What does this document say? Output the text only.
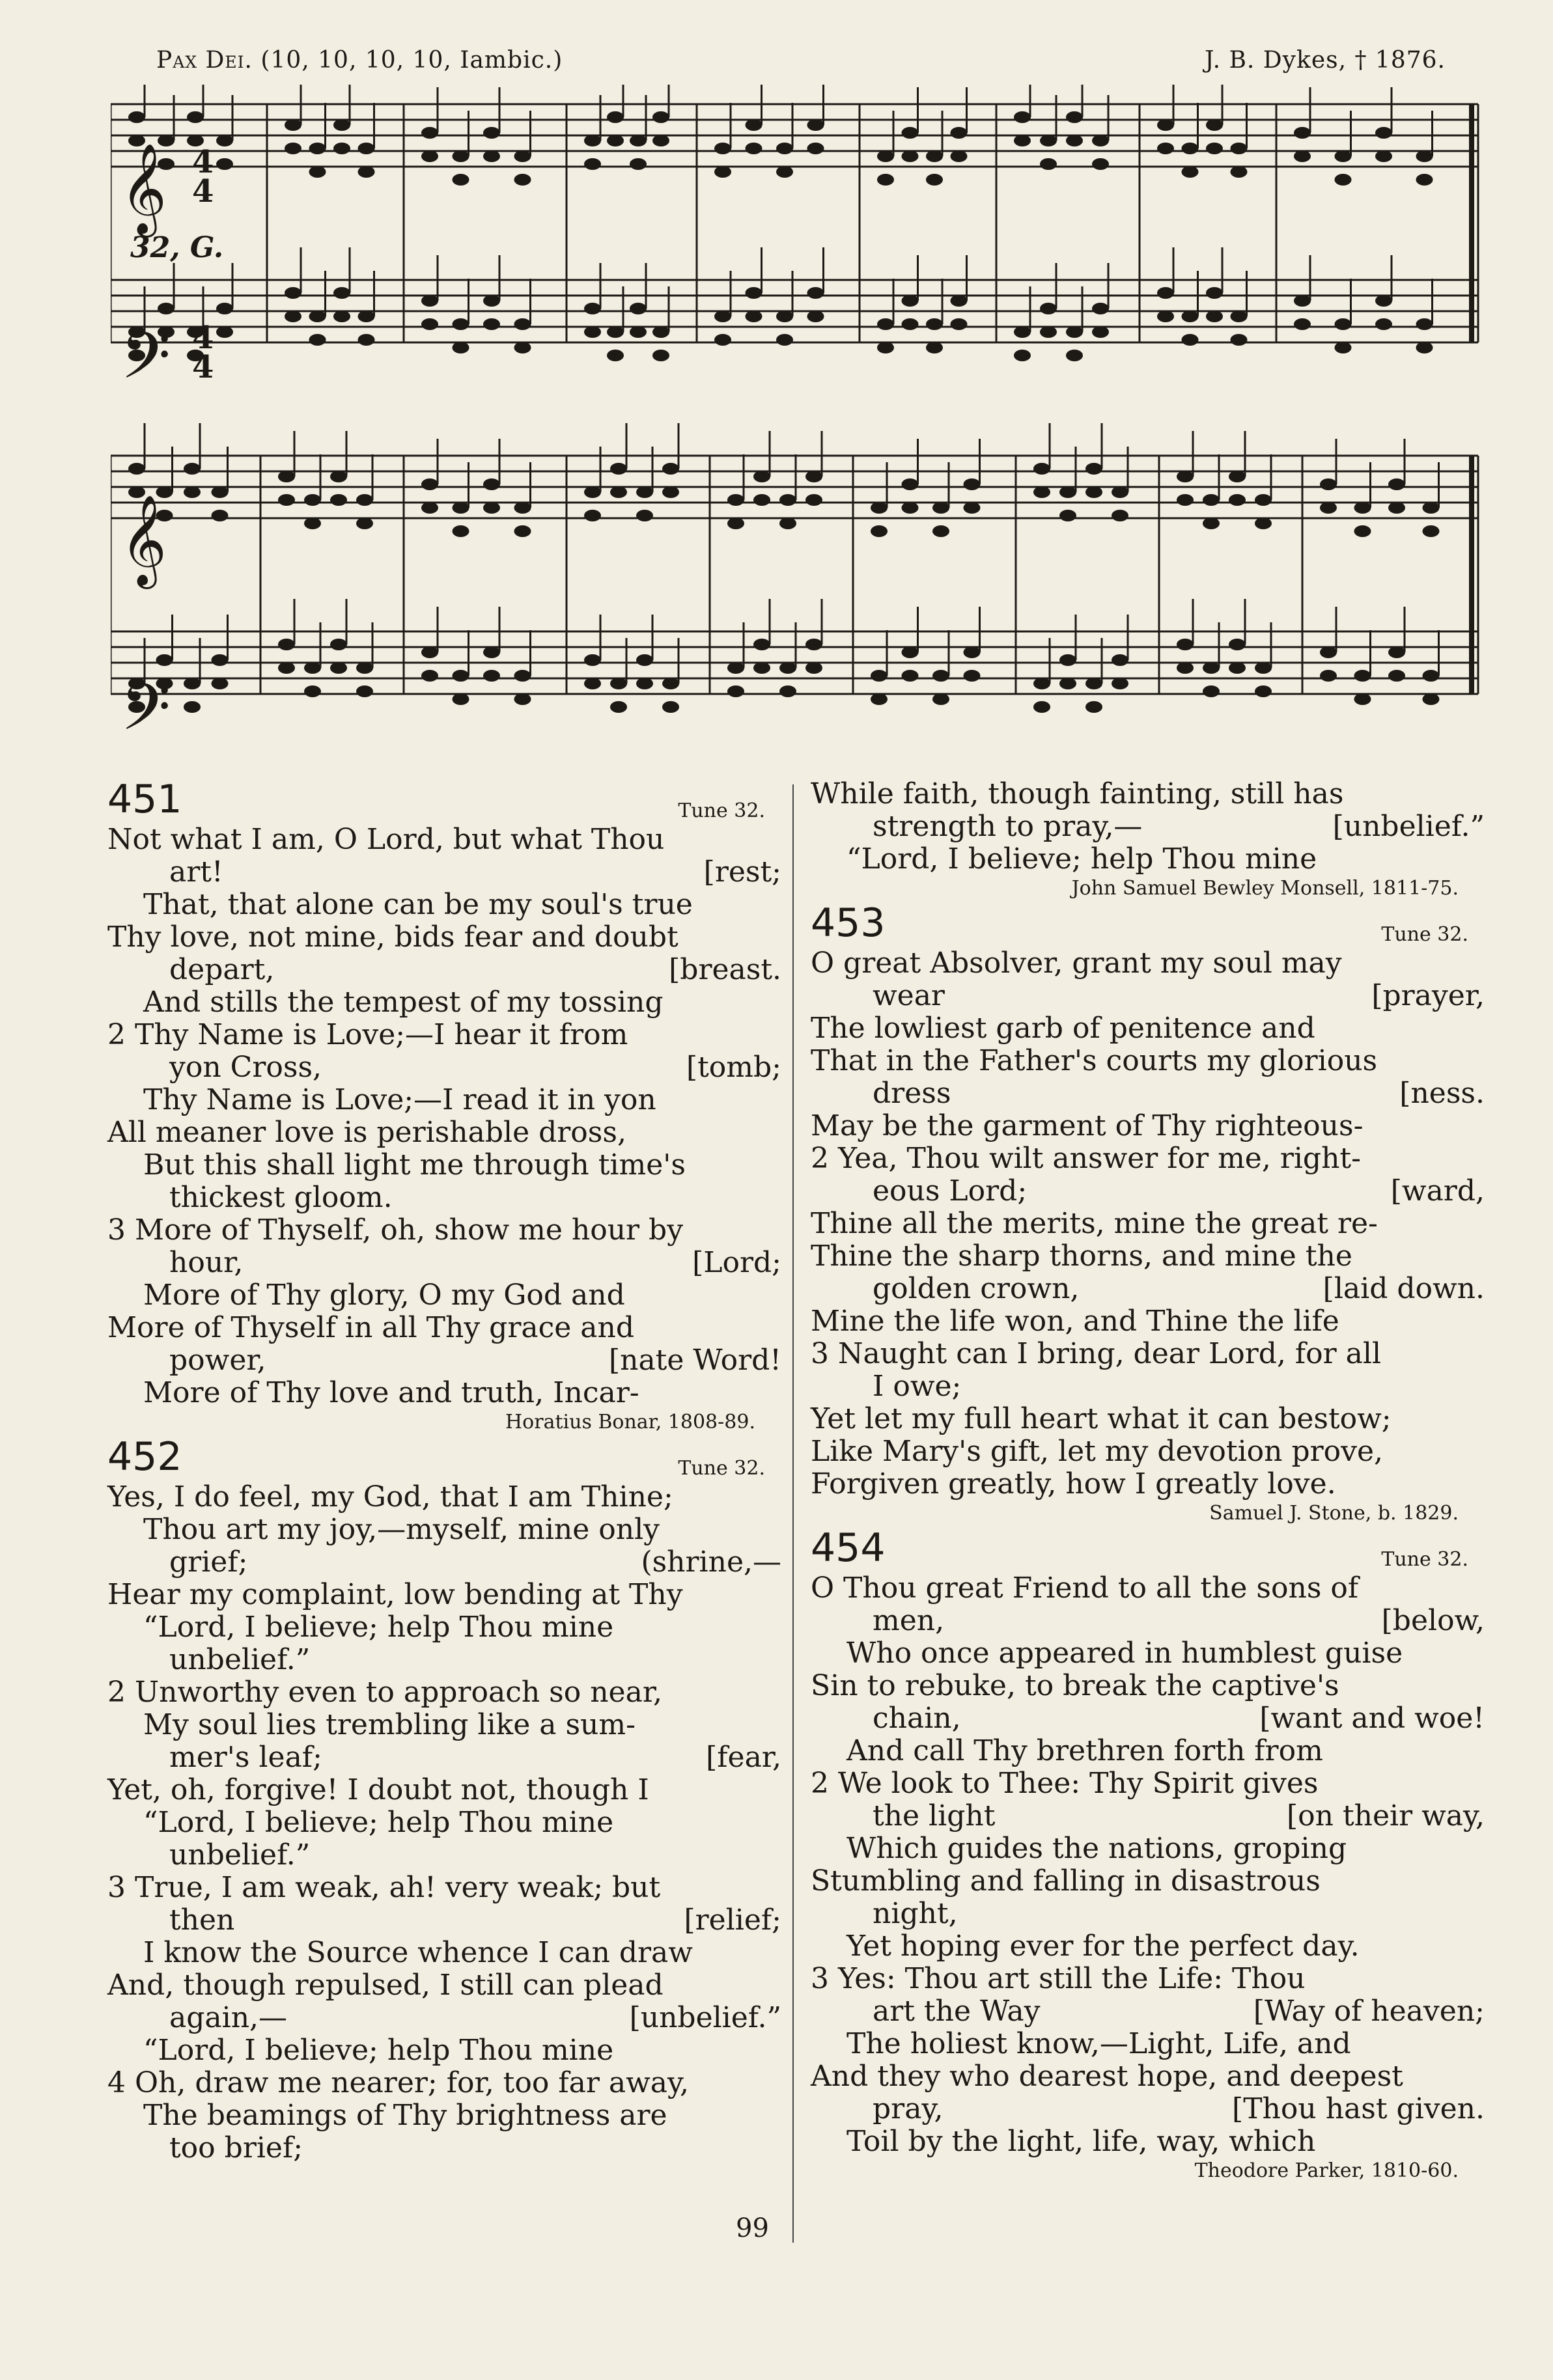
Pax Dei. (10, 10, 10, 10, Iambic.)	J. B. Dykes, † 1876.
𝄞
𝄢
𝄞
𝄢
4
4
4
4
32, G.
451	Tune 32.
Not what I am, O Lord, but what Thou
art!	[rest;
That, that alone can be my soul's true
Thy love, not mine, bids fear and doubt
depart,	[breast.
And stills the tempest of my tossing
2 Thy Name is Love;—I hear it from
yon Cross,	[tomb;
Thy Name is Love;—I read it in yon
All meaner love is perishable dross,
But this shall light me through time's
thickest gloom.
3 More of Thyself, oh, show me hour by
hour,	[Lord;
More of Thy glory, O my God and
More of Thyself in all Thy grace and
power,	[nate Word!
More of Thy love and truth, Incar-
Horatius Bonar, 1808-89.
452	Tune 32.
Yes, I do feel, my God, that I am Thine;
Thou art my joy,—myself, mine only
grief;	(shrine,—
Hear my complaint, low bending at Thy
“Lord, I believe; help Thou mine
unbelief.”
2 Unworthy even to approach so near,
My soul lies trembling like a sum-
mer's leaf;	[fear,
Yet, oh, forgive! I doubt not, though I
“Lord, I believe; help Thou mine
unbelief.”
3 True, I am weak, ah! very weak; but
then	[relief;
I know the Source whence I can draw
And, though repulsed, I still can plead
again,—	[unbelief.”
“Lord, I believe; help Thou mine
4 Oh, draw me nearer; for, too far away,
The beamings of Thy brightness are
too brief;
While faith, though fainting, still has
strength to pray,—	[unbelief.”
“Lord, I believe; help Thou mine
John Samuel Bewley Monsell, 1811-75.
453	Tune 32.
O great Absolver, grant my soul may
wear	[prayer,
The lowliest garb of penitence and
That in the Father's courts my glorious
dress	[ness.
May be the garment of Thy righteous-
2 Yea, Thou wilt answer for me, right-
eous Lord;	[ward,
Thine all the merits, mine the great re-
Thine the sharp thorns, and mine the
golden crown,	[laid down.
Mine the life won, and Thine the life
3 Naught can I bring, dear Lord, for all
I owe;
Yet let my full heart what it can bestow;
Like Mary's gift, let my devotion prove,
Forgiven greatly, how I greatly love.
Samuel J. Stone, b. 1829.
454	Tune 32.
O Thou great Friend to all the sons of
men,	[below,
Who once appeared in humblest guise
Sin to rebuke, to break the captive's
chain,	[want and woe!
And call Thy brethren forth from
2 We look to Thee: Thy Spirit gives
the light	[on their way,
Which guides the nations, groping
Stumbling and falling in disastrous
night,
Yet hoping ever for the perfect day.
3 Yes: Thou art still the Life: Thou
art the Way	[Way of heaven;
The holiest know,—Light, Life, and
And they who dearest hope, and deepest
pray,	[Thou hast given.
Toil by the light, life, way, which
Theodore Parker, 1810-60.
99
